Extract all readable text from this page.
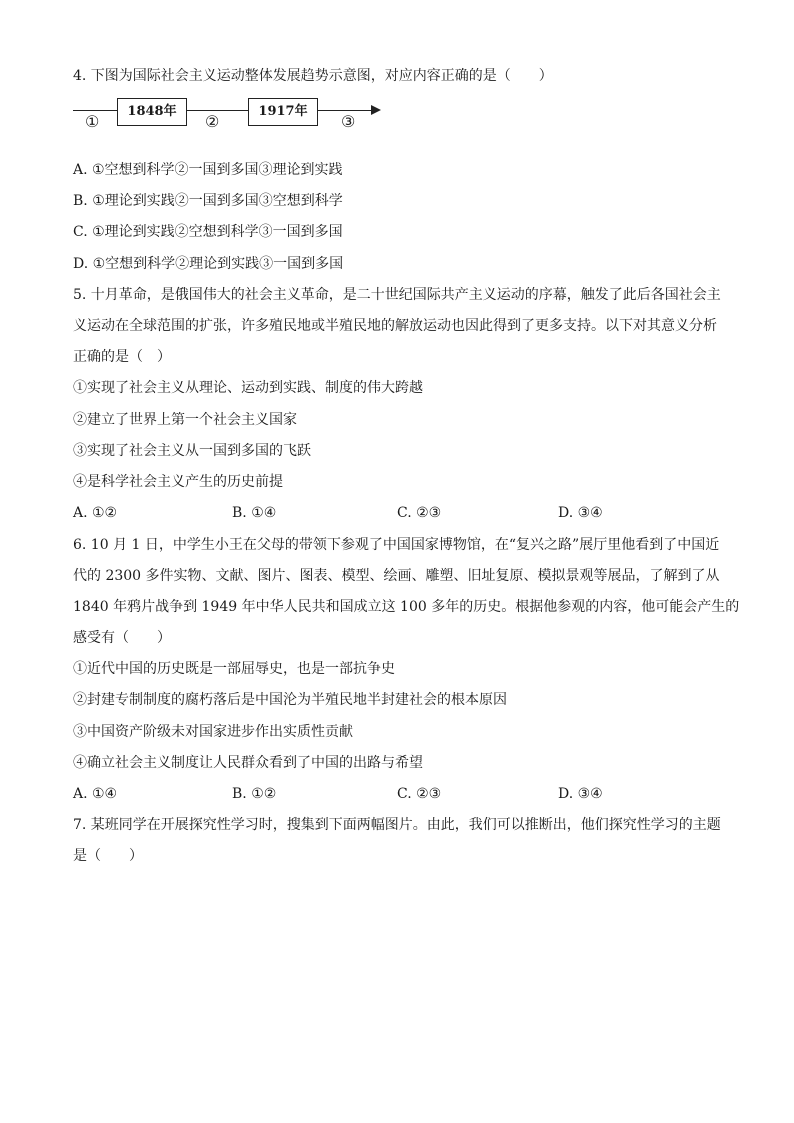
4. 下图为国际社会主义运动整体发展趋势示意图，对应内容正确的是（　　）
①
1848年
②
1917年
③
A. ①空想到科学②一国到多国③理论到实践
B. ①理论到实践②一国到多国③空想到科学
C. ①理论到实践②空想到科学③一国到多国
D. ①空想到科学②理论到实践③一国到多国
5. 十月革命，是俄国伟大的社会主义革命，是二十世纪国际共产主义运动的序幕，触发了此后各国社会主
义运动在全球范围的扩张，许多殖民地或半殖民地的解放运动也因此得到了更多支持。以下对其意义分析
正确的是（　）
①实现了社会主义从理论、运动到实践、制度的伟大跨越
②建立了世界上第一个社会主义国家
③实现了社会主义从一国到多国的飞跃
④是科学社会主义产生的历史前提
A. ①②	B. ①④	C. ②③	D. ③④
6. 10 月 1 日，中学生小王在父母的带领下参观了中国国家博物馆，在“复兴之路”展厅里他看到了中国近
代的 2300 多件实物、文献、图片、图表、模型、绘画、雕塑、旧址复原、模拟景观等展品，了解到了从
1840 年鸦片战争到 1949 年中华人民共和国成立这 100 多年的历史。根据他参观的内容，他可能会产生的
感受有（　　）
①近代中国的历史既是一部屈辱史，也是一部抗争史
②封建专制制度的腐朽落后是中国沦为半殖民地半封建社会的根本原因
③中国资产阶级未对国家进步作出实质性贡献
④确立社会主义制度让人民群众看到了中国的出路与希望
A. ①④	B. ①②	C. ②③	D. ③④
7. 某班同学在开展探究性学习时，搜集到下面两幅图片。由此，我们可以推断出，他们探究性学习的主题
是（　　）
